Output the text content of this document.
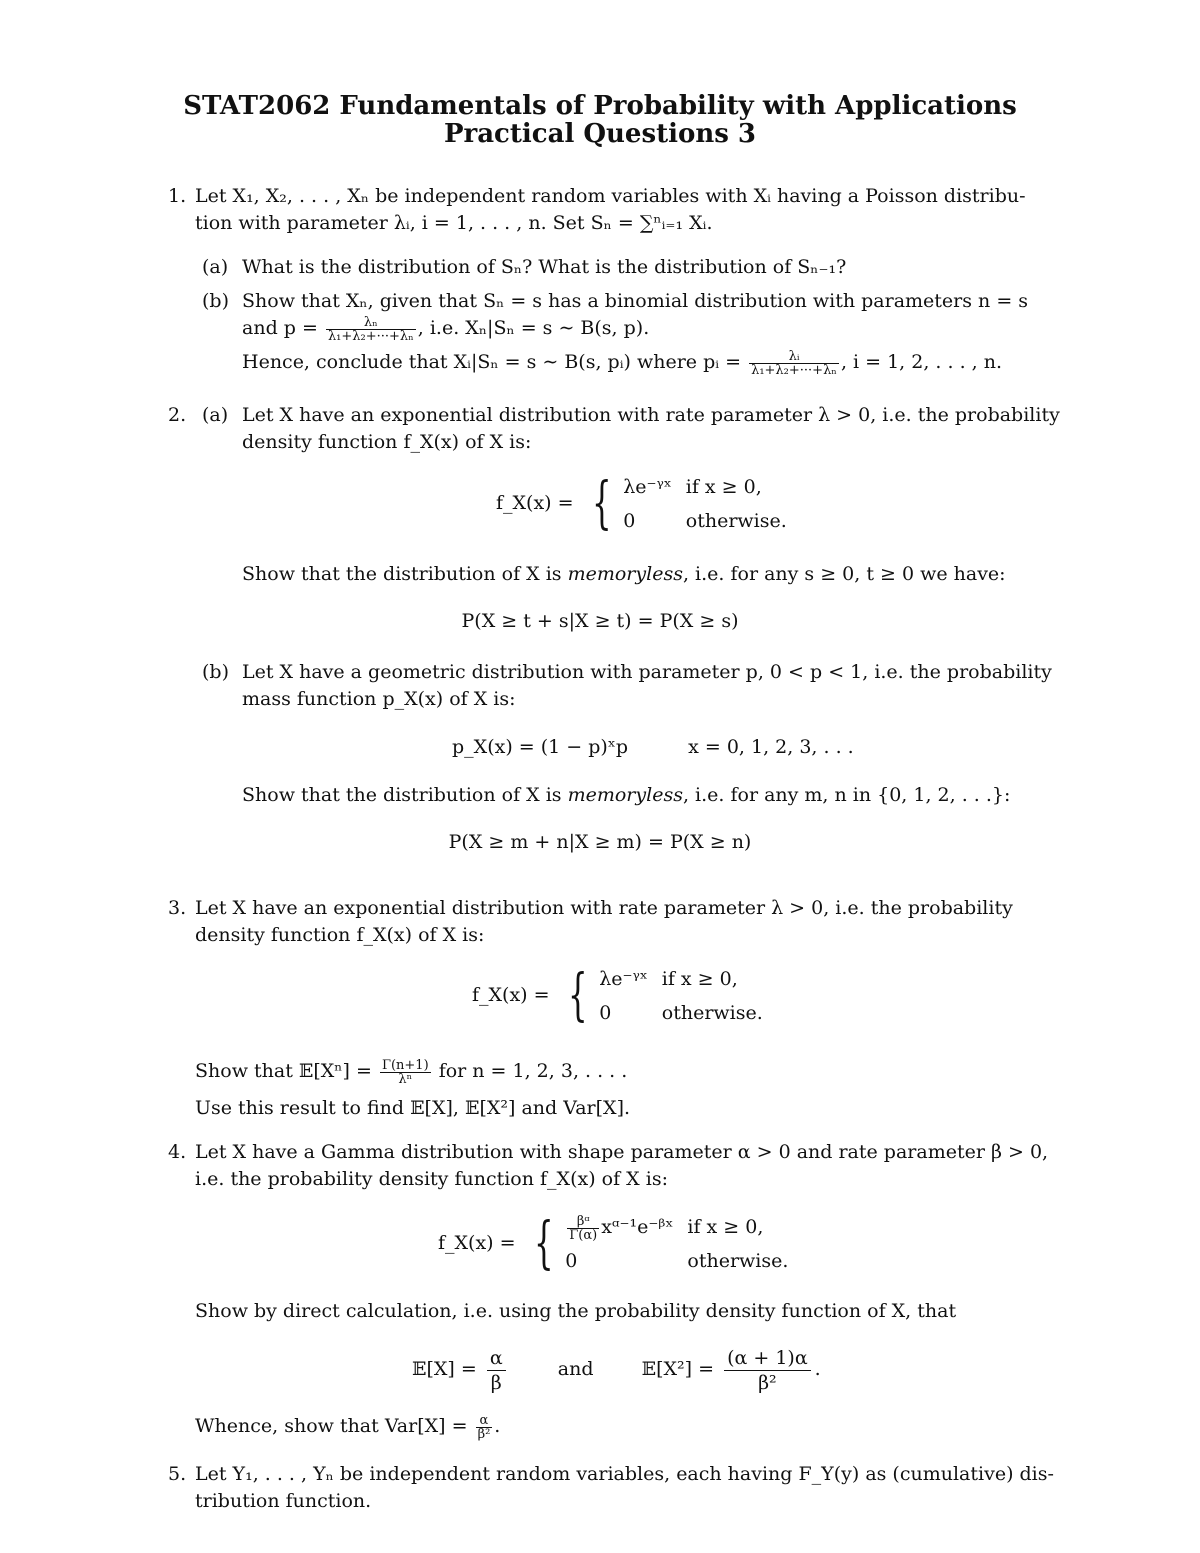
STAT2062 Fundamentals of Probability with Applications
Practical Questions 3
1. Let X₁, X₂, . . . , Xₙ be independent random variables with Xᵢ having a Poisson distribu-
tion with parameter λᵢ, i = 1, . . . , n. Set Sₙ = ∑ⁿᵢ₌₁ Xᵢ.
(a) What is the distribution of Sₙ? What is the distribution of Sₙ₋₁?
(b) Show that Xₙ, given that Sₙ = s has a binomial distribution with parameters n = s
and $p = \frac{\text{λₙ}}{\text{λ₁+λ₂+···+λₙ}}$ , i.e. Xₙ|Sₙ = s ∼ B(s, p).
Hence, conclude that Xᵢ|Sₙ = s ∼ B(s, pᵢ) where pᵢ = $\frac{\text{λᵢ}}{\text{λ₁+λ₂+···+λₙ}}$ , i = 1, 2, . . . , n.
2. (a) Let X have an exponential distribution with rate parameter λ > 0, i.e. the probability
density function f_X(x) of X is:
f_X(x) = { λe⁻ᵞˣ	if x ≥ 0,
0	otherwise.
Show that the distribution of X is memoryless, i.e. for any s ≥ 0, t ≥ 0 we have:
P(X ≥ t + s|X ≥ t) = P(X ≥ s)
(b) Let X have a geometric distribution with parameter p, 0 < p < 1, i.e. the probability
mass function p_X(x) of X is:
p_X(x) = (1 − p)ˣp	x = 0, 1, 2, 3, . . .
Show that the distribution of X is memoryless, i.e. for any m, n in {0, 1, 2, . . .}:
P(X ≥ m + n|X ≥ m) = P(X ≥ n)
3. Let X have an exponential distribution with rate parameter λ > 0, i.e. the probability
density function f_X(x) of X is:
f_X(x) = { λe⁻ᵞˣ	if x ≥ 0,
0	otherwise.
Show that 𝔼[Xⁿ] = $\frac{\Gamma(n+1)}{\text{λⁿ}}$ for n = 1, 2, 3, . . . .
Use this result to find 𝔼[X], 𝔼[X²] and Var[X].
4. Let X have a Gamma distribution with shape parameter α > 0 and rate parameter β > 0,
i.e. the probability density function f_X(x) of X is:
f_X(x) = { $\frac{\text{βᵅ}}{\Gamma(\alpha)}$ xᵅ⁻¹e⁻ᵝˣ	if x ≥ 0,
0	otherwise.
Show by direct calculation, i.e. using the probability density function of X, that
𝔼[X] = $\frac{\alpha}{\beta}$	and	𝔼[X²] = $\frac{(\alpha + 1)\alpha}{\text{β²}}$ .
Whence, show that $Var[X] = \frac{\alpha}{\text{β²}}$ .
5. Let Y₁, . . . , Yₙ be independent random variables, each having F_Y(y) as (cumulative) dis-
tribution function.
